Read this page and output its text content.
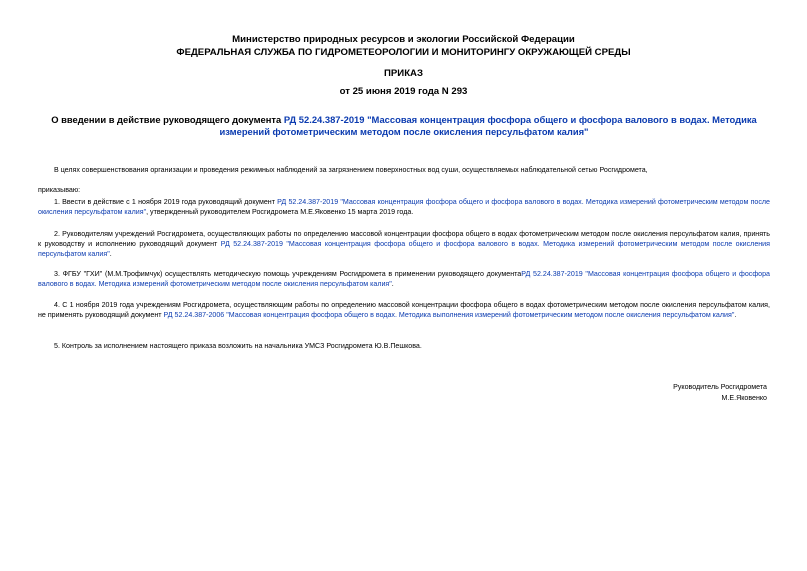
Министерство природных ресурсов и экологии Российской Федерации
ФЕДЕРАЛЬНАЯ СЛУЖБА ПО ГИДРОМЕТЕОРОЛОГИИ И МОНИТОРИНГУ ОКРУЖАЮЩЕЙ СРЕДЫ
ПРИКАЗ
от 25 июня 2019 года N 293
О введении в действие руководящего документа РД 52.24.387-2019 "Массовая концентрация фосфора общего и фосфора валового в водах. Методика измерений фотометрическим методом после окисления персульфатом калия"
В целях совершенствования организации и проведения режимных наблюдений за загрязнением поверхностных вод суши, осуществляемых наблюдательной сетью Росгидромета,
приказываю:
1. Ввести в действие с 1 ноября 2019 года руководящий документ РД 52.24.387-2019 "Массовая концентрация фосфора общего и фосфора валового в водах. Методика измерений фотометрическим методом после окисления персульфатом калия", утвержденный руководителем Росгидромета М.Е.Яковенко 15 марта 2019 года.
2. Руководителям учреждений Росгидромета, осуществляющих работы по определению массовой концентрации фосфора общего в водах фотометрическим методом после окисления персульфатом калия, принять к руководству и исполнению руководящий документ РД 52.24.387-2019 "Массовая концентрация фосфора общего и фосфора валового в водах. Методика измерений фотометрическим методом после окисления персульфатом калия".
3. ФГБУ "ГХИ" (М.М.Трофимчук) осуществлять методическую помощь учреждениям Росгидромета в применении руководящего документаРД 52.24.387-2019 "Массовая концентрация фосфора общего и фосфора валового в водах. Методика измерений фотометрическим методом после окисления персульфатом калия".
4. С 1 ноября 2019 года учреждениям Росгидромета, осуществляющим работы по определению массовой концентрации фосфора общего в водах фотометрическим методом после окисления персульфатом калия, не применять руководящий документ РД 52.24.387-2006 "Массовая концентрация фосфора общего в водах. Методика выполнения измерений фотометрическим методом после окисления персульфатом калия".
5. Контроль за исполнением настоящего приказа возложить на начальника УМСЗ Росгидромета Ю.В.Пешкова.
Руководитель Росгидромета
М.Е.Яковенко
